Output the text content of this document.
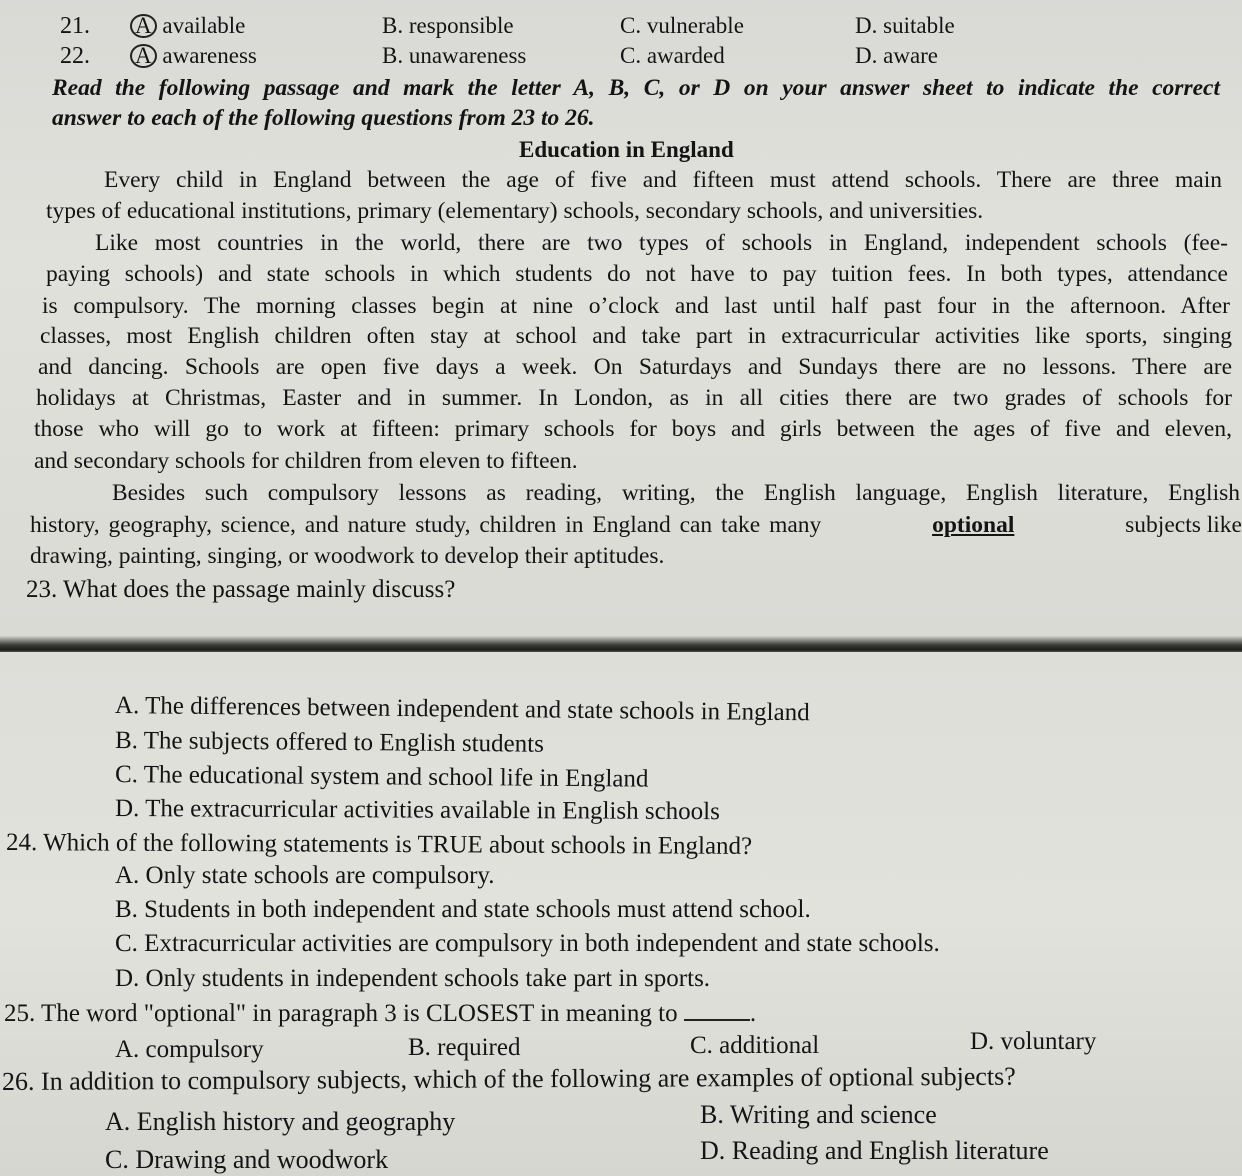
21. A available	B. responsible	C. vulnerable	D. suitable
22. A awareness	B. unawareness	C. awarded	D. aware
Read the following passage and mark the letter A, B, C, or D on your answer sheet to indicate the correct
answer to each of the following questions from 23 to 26.
Education in England
Every child in England between the age of five and fifteen must attend schools. There are three main
types of educational institutions, primary (elementary) schools, secondary schools, and universities.
Like most countries in the world, there are two types of schools in England, independent schools (fee-
paying schools) and state schools in which students do not have to pay tuition fees. In both types, attendance
is compulsory. The morning classes begin at nine o’clock and last until half past four in the afternoon. After
classes, most English children often stay at school and take part in extracurricular activities like sports, singing
and dancing. Schools are open five days a week. On Saturdays and Sundays there are no lessons. There are
holidays at Christmas, Easter and in summer. In London, as in all cities there are two grades of schools for
those who will go to work at fifteen: primary schools for boys and girls between the ages of five and eleven,
and secondary schools for children from eleven to fifteen.
Besides such compulsory lessons as reading, writing, the English language, English literature, English
history, geography, science, and nature study, children in England can take many	optional	subjects like
drawing, painting, singing, or woodwork to develop their aptitudes.
23. What does the passage mainly discuss?
A. The differences between independent and state schools in England
B. The subjects offered to English students
C. The educational system and school life in England
D. The extracurricular activities available in English schools
24. Which of the following statements is TRUE about schools in England?
A. Only state schools are compulsory.
B. Students in both independent and state schools must attend school.
C. Extracurricular activities are compulsory in both independent and state schools.
D. Only students in independent schools take part in sports.
25. The word "optional" in paragraph 3 is CLOSEST in meaning to	.
A. compulsory	B. required	C. additional	D. voluntary
26. In addition to compulsory subjects, which of the following are examples of optional subjects?
A. English history and geography	B. Writing and science
C. Drawing and woodwork	D. Reading and English literature
